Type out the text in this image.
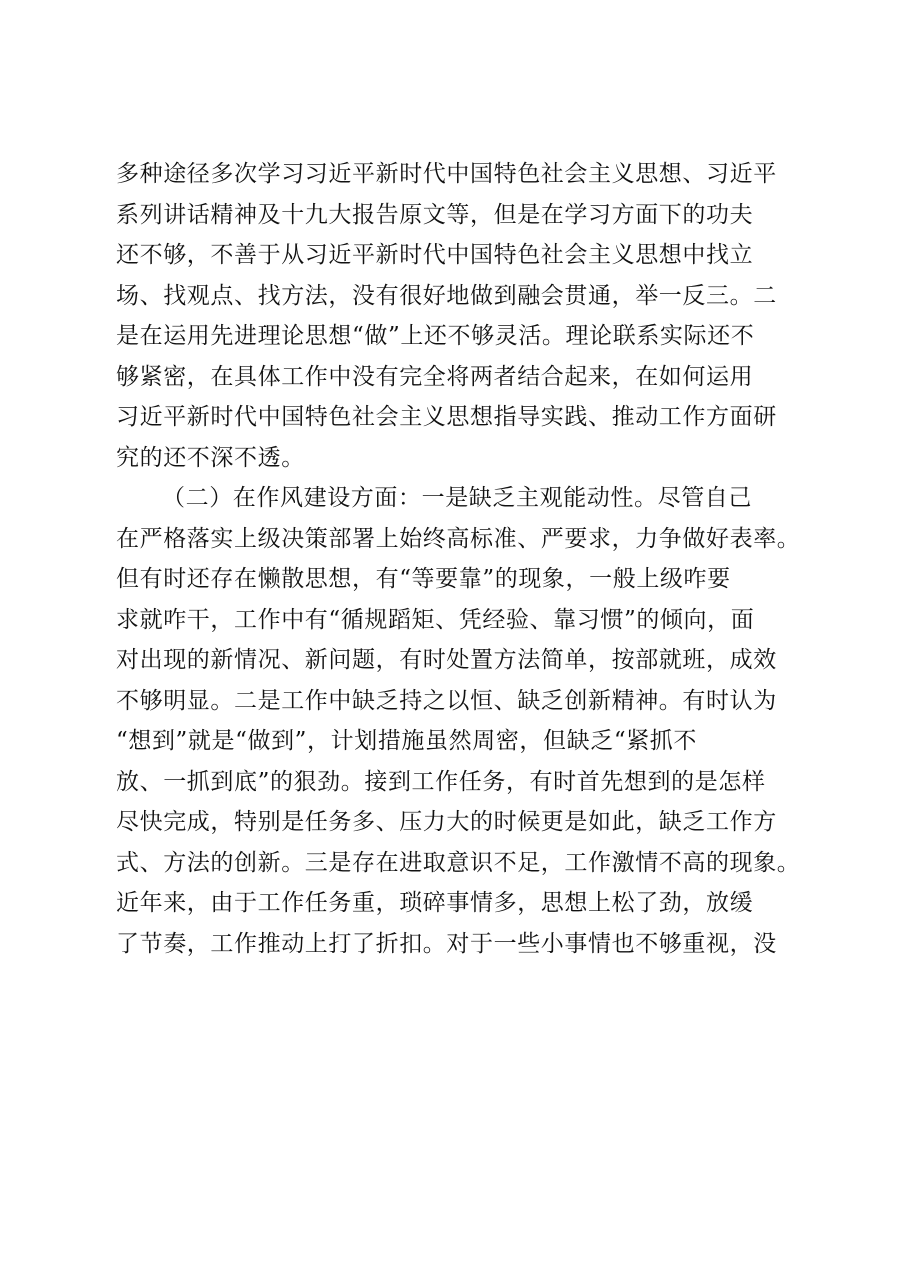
多种途径多次学习习近平新时代中国特色社会主义思想、习近平
系列讲话精神及十九大报告原文等，但是在学习方面下的功夫
还不够，不善于从习近平新时代中国特色社会主义思想中找立
场、找观点、找方法，没有很好地做到融会贯通，举一反三。二
是在运用先进理论思想“做”上还不够灵活。理论联系实际还不
够紧密，在具体工作中没有完全将两者结合起来，在如何运用
习近平新时代中国特色社会主义思想指导实践、推动工作方面研
究的还不深不透。
（二）在作风建设方面：一是缺乏主观能动性。尽管自己
在严格落实上级决策部署上始终高标准、严要求，力争做好表率。
但有时还存在懒散思想，有“等要靠”的现象，一般上级咋要
求就咋干，工作中有“循规蹈矩、凭经验、靠习惯”的倾向，面
对出现的新情况、新问题，有时处置方法简单，按部就班，成效
不够明显。二是工作中缺乏持之以恒、缺乏创新精神。有时认为
“想到”就是“做到”，计划措施虽然周密，但缺乏“紧抓不
放、一抓到底”的狠劲。接到工作任务，有时首先想到的是怎样
尽快完成，特别是任务多、压力大的时候更是如此，缺乏工作方
式、方法的创新。三是存在进取意识不足，工作激情不高的现象。
近年来，由于工作任务重，琐碎事情多，思想上松了劲，放缓
了节奏，工作推动上打了折扣。对于一些小事情也不够重视，没
